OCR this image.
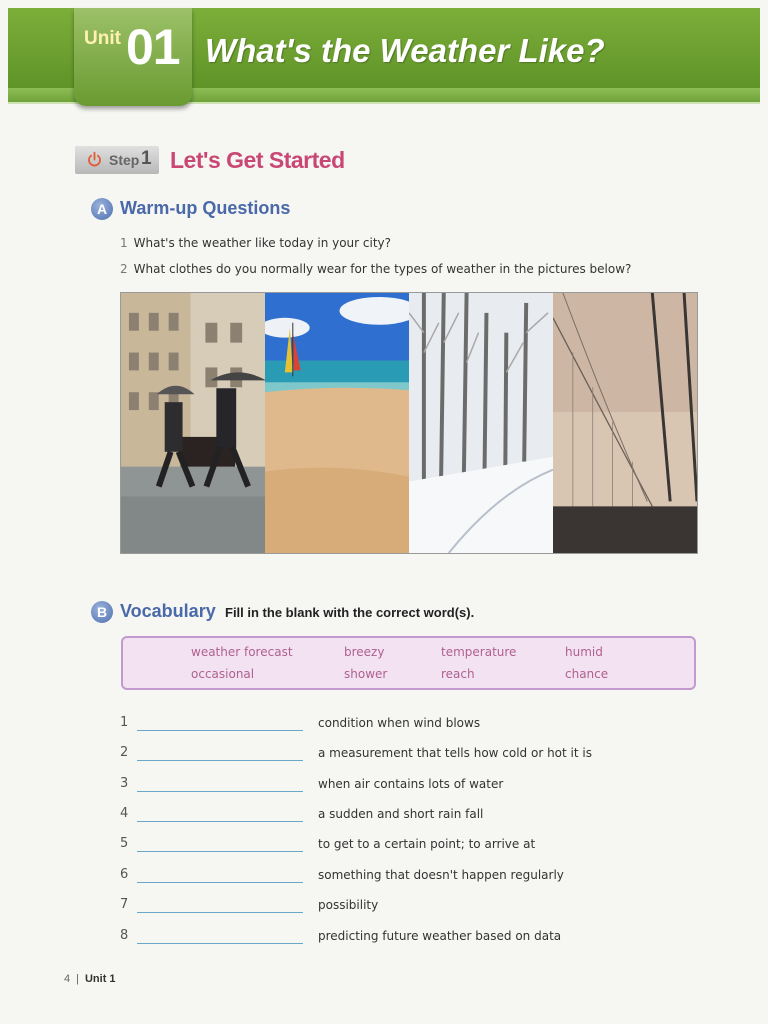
Unit 01 What's the Weather Like?
Step 1 Let's Get Started
A Warm-up Questions
1 What's the weather like today in your city?
2 What clothes do you normally wear for the types of weather in the pictures below?
B Vocabulary Fill in the blank with the correct word(s).
weather forecast	breezy	temperature	humid
occasional	shower	reach	chance
1	condition when wind blows
2	a measurement that tells how cold or hot it is
3	when air contains lots of water
4	a sudden and short rain fall
5	to get to a certain point; to arrive at
6	something that doesn't happen regularly
7	possibility
8	predicting future weather based on data
4 | Unit 1
